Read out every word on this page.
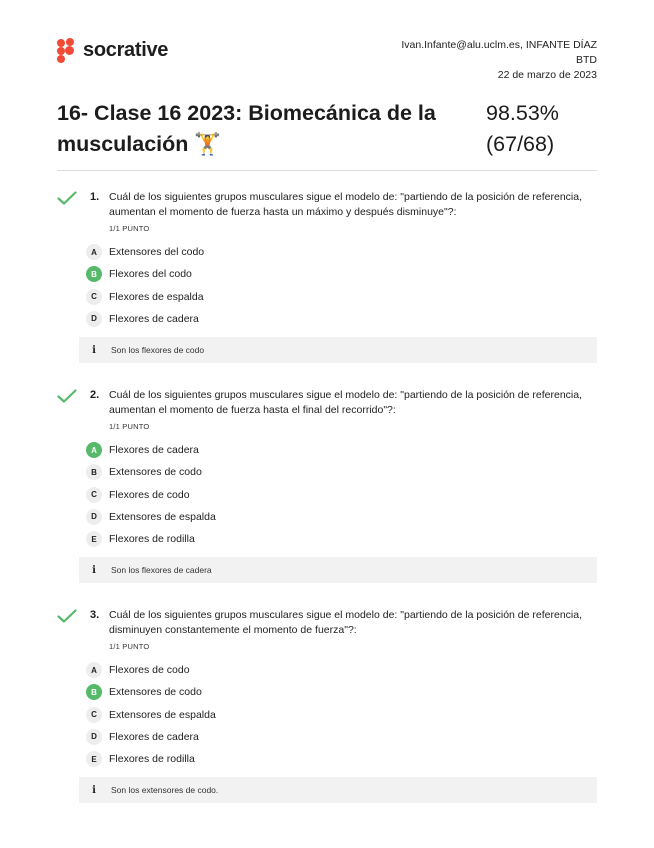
socrative	Ivan.Infante@alu.uclm.es, INFANTE DÍAZ
BTD
22 de marzo de 2023
16- Clase 16 2023: Biomecánica de la musculación 🏋️
98.53%
(67/68)
1. Cuál de los siguientes grupos musculares sigue el modelo de: "partiendo de la posición de referencia, aumentan el momento de fuerza hasta un máximo y después disminuye"?:
1/1 PUNTO
A	Extensores del codo
B	Flexores del codo
C	Flexores de espalda
D	Flexores de cadera
i	Son los flexores de codo
2. Cuál de los siguientes grupos musculares sigue el modelo de: "partiendo de la posición de referencia, aumentan el momento de fuerza hasta el final del recorrido"?:
1/1 PUNTO
A	Flexores de cadera
B	Extensores de codo
C	Flexores de codo
D	Extensores de espalda
E	Flexores de rodilla
i	Son los flexores de cadera
3. Cuál de los siguientes grupos musculares sigue el modelo de: "partiendo de la posición de referencia, disminuyen constantemente el momento de fuerza"?:
1/1 PUNTO
A	Flexores de codo
B	Extensores de codo
C	Extensores de espalda
D	Flexores de cadera
E	Flexores de rodilla
i	Son los extensores de codo.
